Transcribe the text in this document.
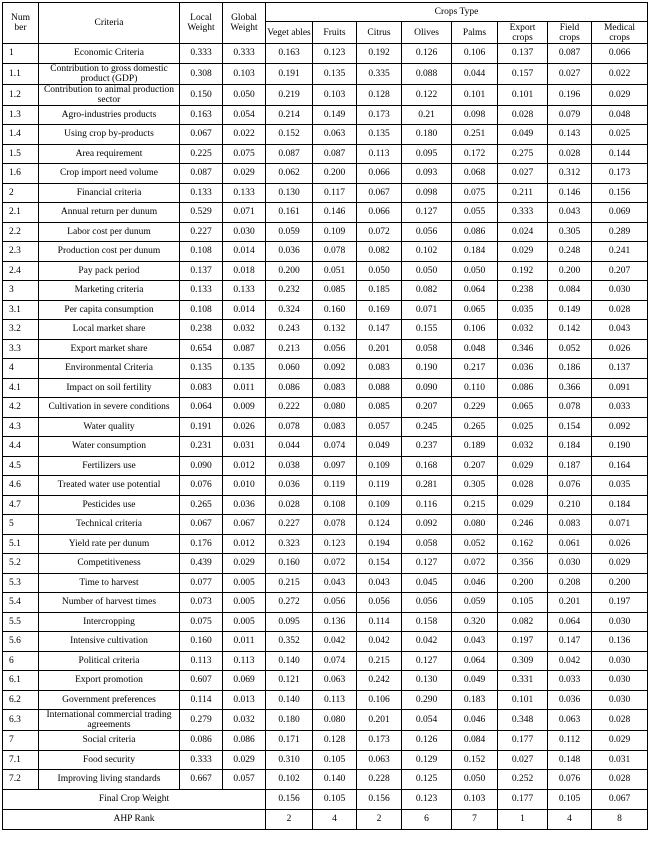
Num ber	Criteria	Local Weight	Global Weight	Crops Type							
				Veget ables	Fruits	Citrus	Olives	Palms	Export crops	Field crops	Medical crops
1	Economic Criteria	0.333	0.333	0.163	0.123	0.192	0.126	0.106	0.137	0.087	0.066
1.1	Contribution to gross domestic product (GDP)	0.308	0.103	0.191	0.135	0.335	0.088	0.044	0.157	0.027	0.022
1.2	Contribution to animal production sector	0.150	0.050	0.219	0.103	0.128	0.122	0.101	0.101	0.196	0.029
1.3	Agro-industries products	0.163	0.054	0.214	0.149	0.173	0.21	0.098	0.028	0.079	0.048
1.4	Using crop by-products	0.067	0.022	0.152	0.063	0.135	0.180	0.251	0.049	0.143	0.025
1.5	Area requirement	0.225	0.075	0.087	0.087	0.113	0.095	0.172	0.275	0.028	0.144
1.6	Crop import need volume	0.087	0.029	0.062	0.200	0.066	0.093	0.068	0.027	0.312	0.173
2	Financial criteria	0.133	0.133	0.130	0.117	0.067	0.098	0.075	0.211	0.146	0.156
2.1	Annual return per dunum	0.529	0.071	0.161	0.146	0.066	0.127	0.055	0.333	0.043	0.069
2.2	Labor cost per dunum	0.227	0.030	0.059	0.109	0.072	0.056	0.086	0.024	0.305	0.289
2.3	Production cost per dunum	0.108	0.014	0.036	0.078	0.082	0.102	0.184	0.029	0.248	0.241
2.4	Pay pack period	0.137	0.018	0.200	0.051	0.050	0.050	0.050	0.192	0.200	0.207
3	Marketing criteria	0.133	0.133	0.232	0.085	0.185	0.082	0.064	0.238	0.084	0.030
3.1	Per capita consumption	0.108	0.014	0.324	0.160	0.169	0.071	0.065	0.035	0.149	0.028
3.2	Local market share	0.238	0.032	0.243	0.132	0.147	0.155	0.106	0.032	0.142	0.043
3.3	Export market share	0.654	0.087	0.213	0.056	0.201	0.058	0.048	0.346	0.052	0.026
4	Environmental Criteria	0.135	0.135	0.060	0.092	0.083	0.190	0.217	0.036	0.186	0.137
4.1	Impact on soil fertility	0.083	0.011	0.086	0.083	0.088	0.090	0.110	0.086	0.366	0.091
4.2	Cultivation in severe conditions	0.064	0.009	0.222	0.080	0.085	0.207	0.229	0.065	0.078	0.033
4.3	Water quality	0.191	0.026	0.078	0.083	0.057	0.245	0.265	0.025	0.154	0.092
4.4	Water consumption	0.231	0.031	0.044	0.074	0.049	0.237	0.189	0.032	0.184	0.190
4.5	Fertilizers use	0.090	0.012	0.038	0.097	0.109	0.168	0.207	0.029	0.187	0.164
4.6	Treated water use potential	0.076	0.010	0.036	0.119	0.119	0.281	0.305	0.028	0.076	0.035
4.7	Pesticides use	0.265	0.036	0.028	0.108	0.109	0.116	0.215	0.029	0.210	0.184
5	Technical criteria	0.067	0.067	0.227	0.078	0.124	0.092	0.080	0.246	0.083	0.071
5.1	Yield rate per dunum	0.176	0.012	0.323	0.123	0.194	0.058	0.052	0.162	0.061	0.026
5.2	Competitiveness	0.439	0.029	0.160	0.072	0.154	0.127	0.072	0.356	0.030	0.029
5.3	Time to harvest	0.077	0.005	0.215	0.043	0.043	0.045	0.046	0.200	0.208	0.200
5.4	Number of harvest times	0.073	0.005	0.272	0.056	0.056	0.056	0.059	0.105	0.201	0.197
5.5	Intercropping	0.075	0.005	0.095	0.136	0.114	0.158	0.320	0.082	0.064	0.030
5.6	Intensive cultivation	0.160	0.011	0.352	0.042	0.042	0.042	0.043	0.197	0.147	0.136
6	Political criteria	0.113	0.113	0.140	0.074	0.215	0.127	0.064	0.309	0.042	0.030
6.1	Export promotion	0.607	0.069	0.121	0.063	0.242	0.130	0.049	0.331	0.033	0.030
6.2	Government preferences	0.114	0.013	0.140	0.113	0.106	0.290	0.183	0.101	0.036	0.030
6.3	International commercial trading agreements	0.279	0.032	0.180	0.080	0.201	0.054	0.046	0.348	0.063	0.028
7	Social criteria	0.086	0.086	0.171	0.128	0.173	0.126	0.084	0.177	0.112	0.029
7.1	Food security	0.333	0.029	0.310	0.105	0.063	0.129	0.152	0.027	0.148	0.031
7.2	Improving living standards	0.667	0.057	0.102	0.140	0.228	0.125	0.050	0.252	0.076	0.028
Final Crop Weight				0.156	0.105	0.156	0.123	0.103	0.177	0.105	0.067
AHP Rank				2	4	2	6	7	1	4	8
